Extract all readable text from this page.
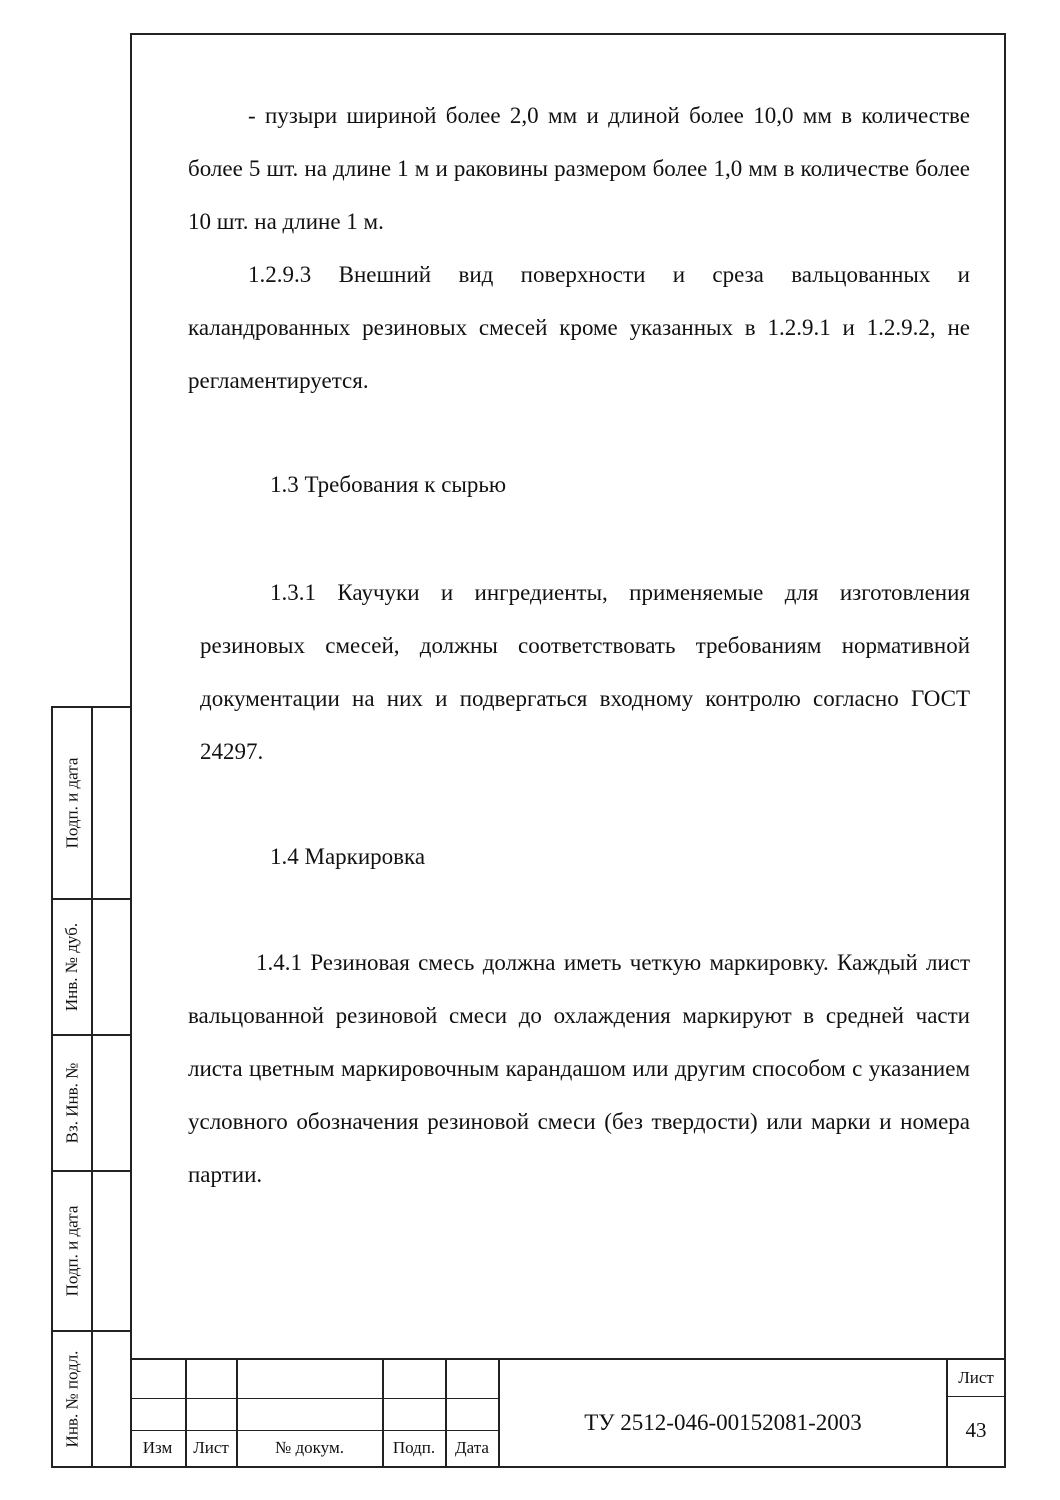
- пузыри шириной более 2,0 мм и длиной более 10,0 мм в количестве более 5 шт. на длине 1 м и раковины размером более 1,0 мм в количестве более 10 шт. на длине 1 м.

1.2.9.3 Внешний вид поверхности и среза вальцованных и каландрованных резиновых смесей кроме указанных в 1.2.9.1 и 1.2.9.2, не регламентируется.

1.3 Требования к сырью

1.3.1 Каучуки и ингредиенты, применяемые для изготовления резиновых смесей, должны соответствовать требованиям нормативной документации на них и подвергаться входному контролю согласно ГОСТ 24297.

1.4 Маркировка

1.4.1 Резиновая смесь должна иметь четкую маркировку. Каждый лист вальцованной резиновой смеси до охлаждения маркируют в средней части листа цветным маркировочным карандашом или другим способом с указанием условного обозначения резиновой смеси (без твердости) или марки и номера партии.

Подп. и дата
Инв. № дуб.
Вз. Инв. №
Подп. и дата
Инв. № подл.
Изм	Лист	№ докум.	Подп.	Дата
ТУ 2512-046-00152081-2003
Лист
43
